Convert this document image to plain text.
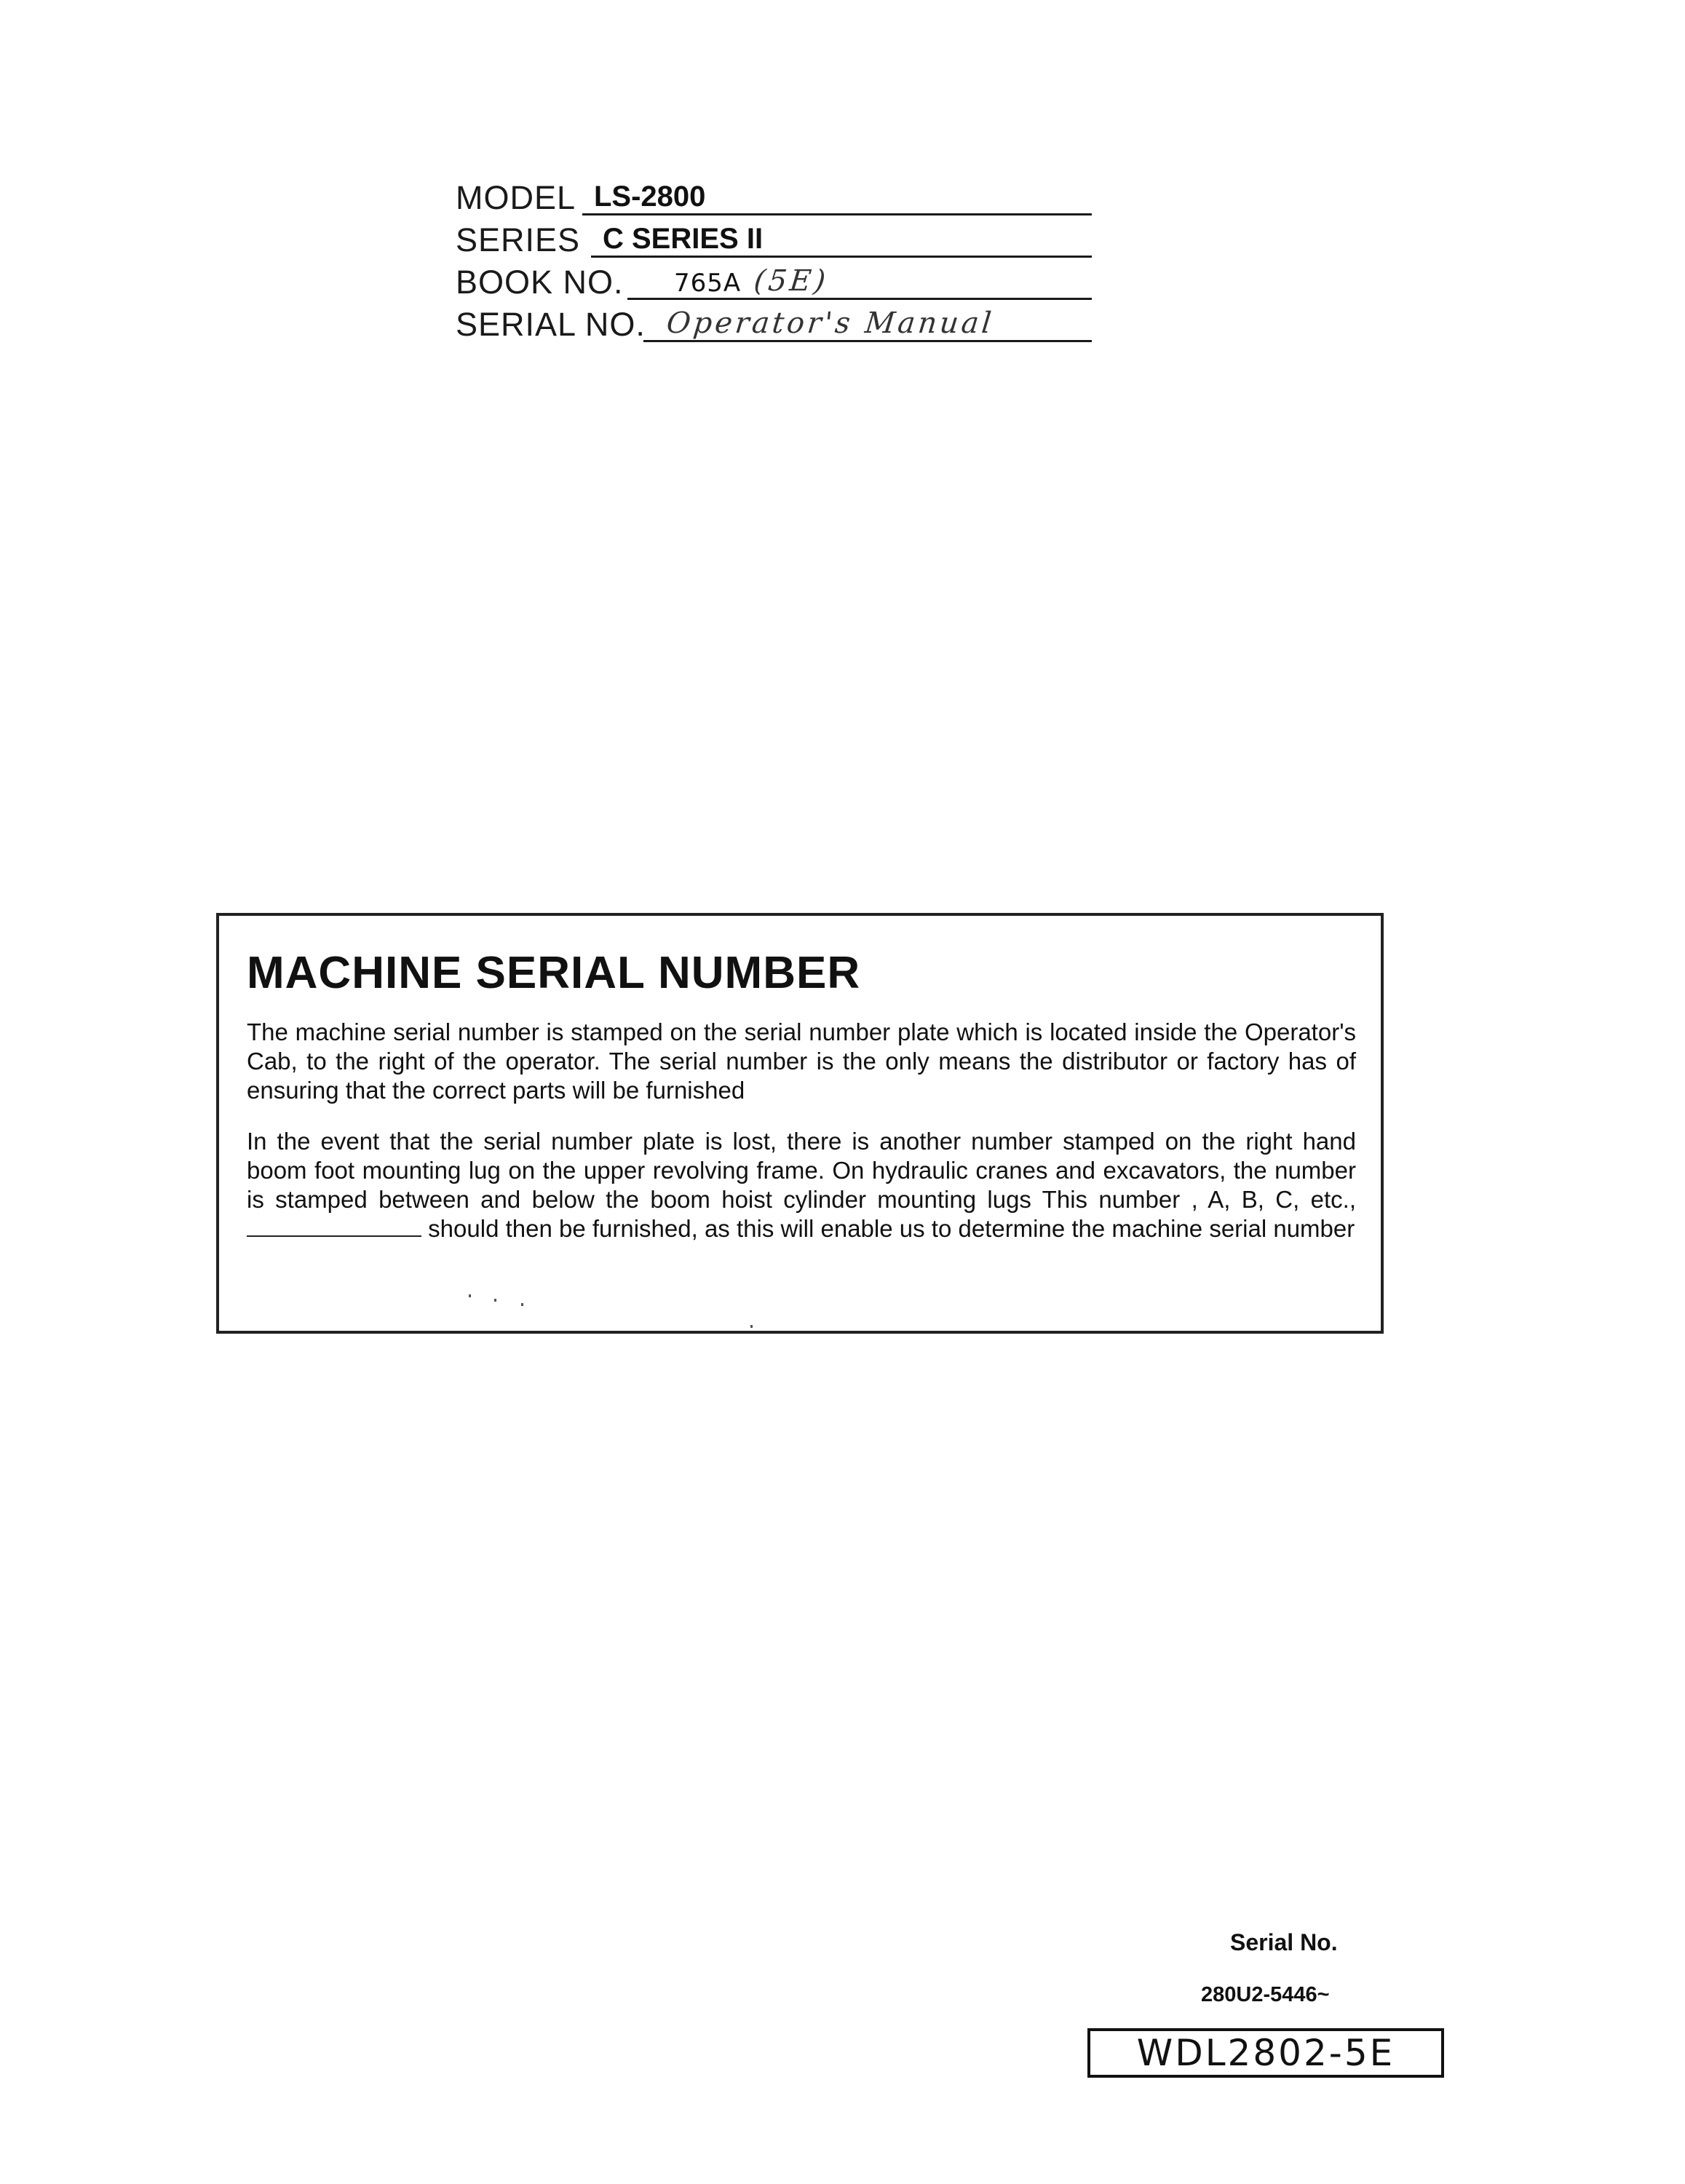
MODEL LS-2800
SERIES C SERIES II
BOOK NO. 765A (5E)
SERIAL NO. Operator's Manual
MACHINE SERIAL NUMBER

The machine serial number is stamped on the serial number plate which is located inside the Operator's Cab, to the right of the operator. The serial number is the only means the distributor or factory has of ensuring that the correct parts will be furnished

In the event that the serial number plate is lost, there is another number stamped on the right hand boom foot mounting lug on the upper revolving frame. On hydraulic cranes and excavators, the number is stamped between and below the boom hoist cylinder mounting lugs This number , A, B, C, etc.,  should then be furnished, as this will enable us to determine the machine serial number

Serial No.
280U2-5446~
WDL2802-5E
